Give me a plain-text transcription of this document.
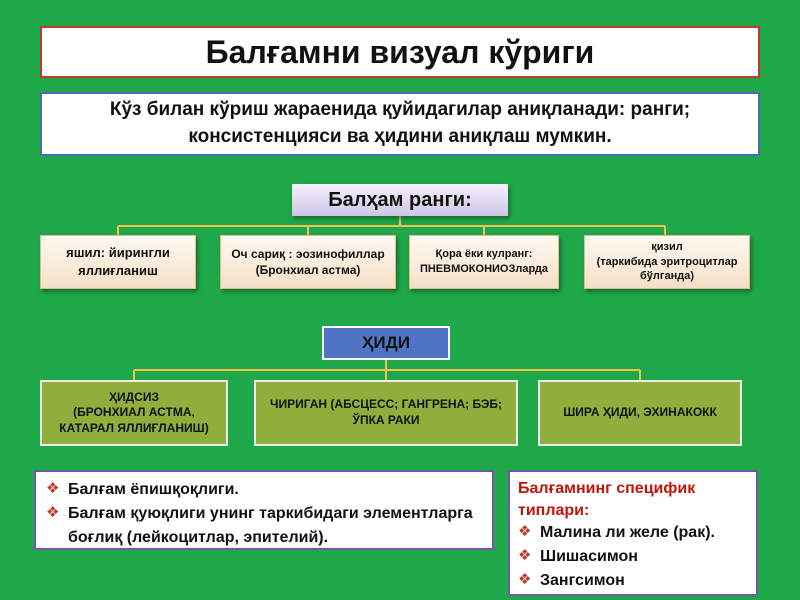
Балғамни визуал кўриги
Кўз билан кўриш жараенида қуйидагилар аниқланади: ранги;
консистенцияси ва ҳидини аниқлаш мумкин.
Балҳам ранги:
яшил: йирингли
яллиғланиш
Оч сариқ : эозинофиллар
(Бронхиал астма)
Қора ёки кулранг:
ПНЕВМОКОНИОЗларда
қизил
(таркибида эритроцитлар
бўлганда)
ҲИДИ
ҲИДСИЗ
(БРОНХИАЛ АСТМА,
КАТАРАЛ ЯЛЛИҒЛАНИШ)
ЧИРИГАН (АБСЦЕСС; ГАНГРЕНА; БЭБ;
ЎПКА РАКИ
ШИРА ҲИДИ, ЭХИНАКОКК
❖ Балғам ёпишқоқлиги.
❖ Балғам қуюқлиги унинг таркибидаги элементларга боғлиқ (лейкоцитлар, эпителий).
Балғамнинг специфик типлари:
❖ Малина ли желе (рак).
❖ Шишасимон
❖ Зангсимон
